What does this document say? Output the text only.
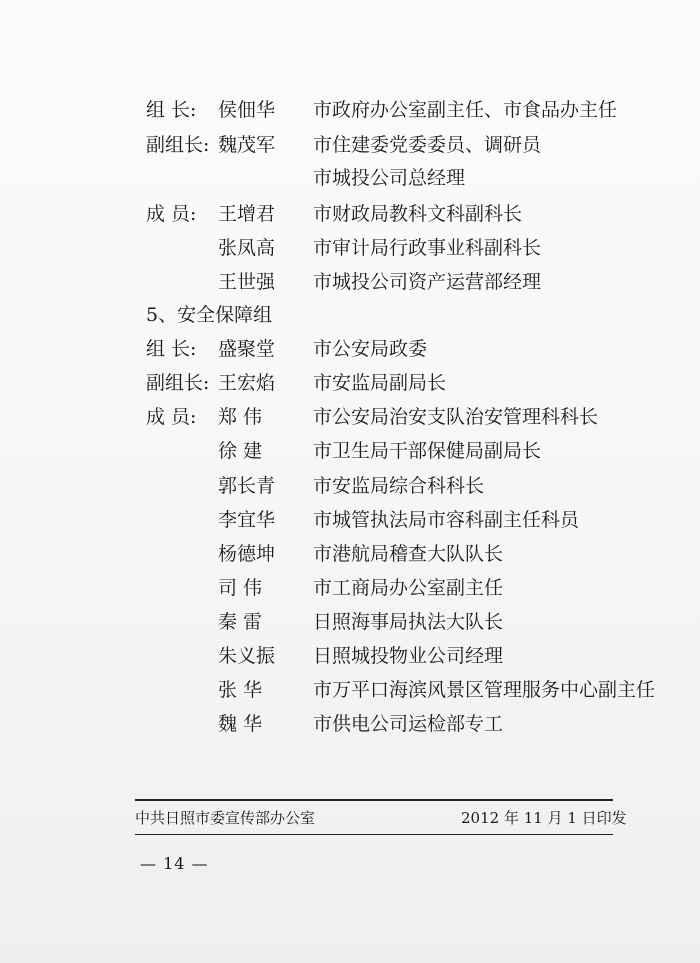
组 长:	侯佃华	市政府办公室副主任、市食品办主任
副组长: 魏茂军	市住建委党委委员、调研员
市城投公司总经理
成 员:	王增君	市财政局教科文科副科长
张凤高	市审计局行政事业科副科长
王世强	市城投公司资产运营部经理
5、安全保障组
组 长:	盛聚堂	市公安局政委
副组长: 王宏焰	市安监局副局长
成 员:	郑 伟	市公安局治安支队治安管理科科长
徐 建	市卫生局干部保健局副局长
郭长青	市安监局综合科科长
李宜华	市城管执法局市容科副主任科员
杨德坤	市港航局稽查大队队长
司 伟	市工商局办公室副主任
秦 雷	日照海事局执法大队长
朱义振	日照城投物业公司经理
张 华	市万平口海滨风景区管理服务中心副主任
魏 华	市供电公司运检部专工
中共日照市委宣传部办公室	2012 年 11 月 1 日印发
— 14 —
